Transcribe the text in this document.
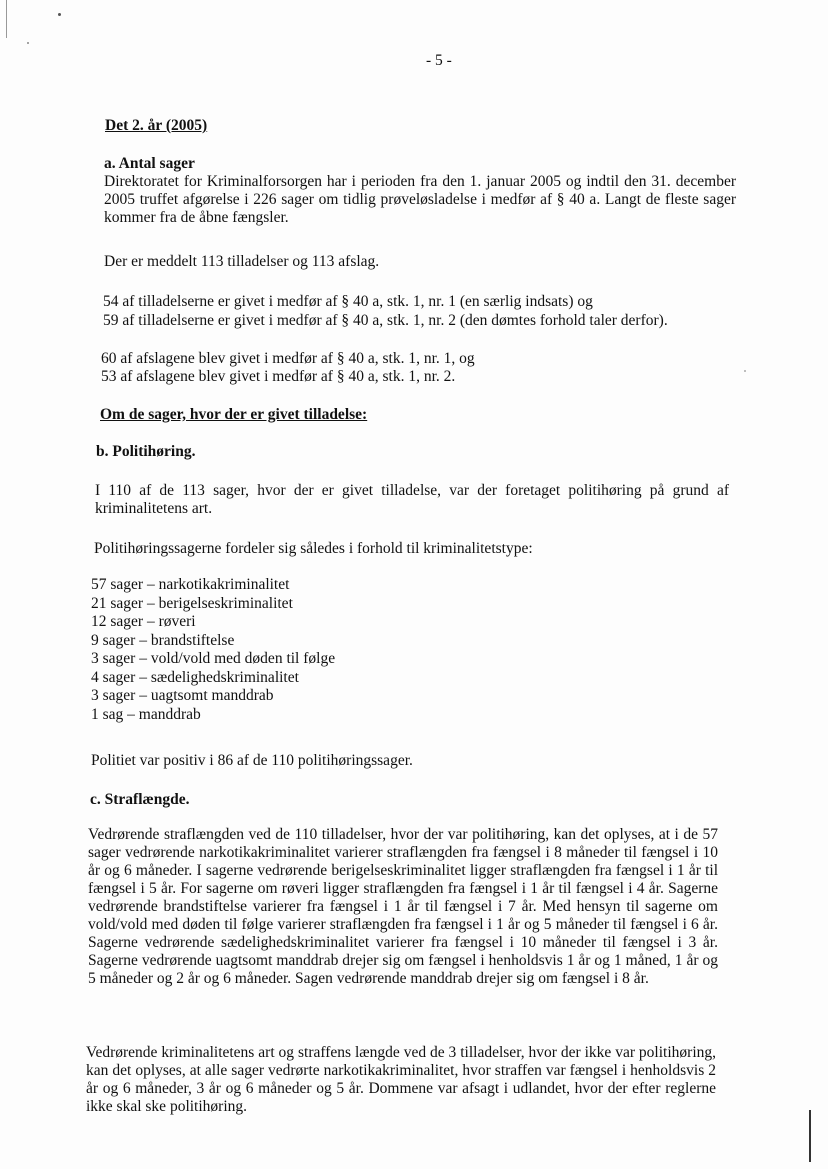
- 5 -
Det 2. år (2005)
a. Antal sager
Direktoratet for Kriminalforsorgen har i perioden fra den 1. januar 2005 og indtil den 31. december 2005 truffet afgørelse i 226 sager om tidlig prøveløsladelse i medfør af § 40 a. Langt de fleste sager kommer fra de åbne fængsler.
Der er meddelt 113 tilladelser og 113 afslag.
54 af tilladelserne er givet i medfør af § 40 a, stk. 1, nr. 1 (en særlig indsats) og
59 af tilladelserne er givet i medfør af § 40 a, stk. 1, nr. 2 (den dømtes forhold taler derfor).
60 af afslagene blev givet i medfør af § 40 a, stk. 1, nr. 1, og
53 af afslagene blev givet i medfør af § 40 a, stk. 1, nr. 2.
Om de sager, hvor der er givet tilladelse:
b. Politihøring.
I 110 af de 113 sager, hvor der er givet tilladelse, var der foretaget politihøring på grund af kriminalitetens art.
Politihøringssagerne fordeler sig således i forhold til kriminalitetstype:
57 sager – narkotikakriminalitet
21 sager – berigelseskriminalitet
12 sager – røveri
9 sager – brandstiftelse
3 sager – vold/vold med døden til følge
4 sager – sædelighedskriminalitet
3 sager – uagtsomt manddrab
1 sag – manddrab
Politiet var positiv i 86 af de 110 politihøringssager.
c. Straflængde.
Vedrørende straflængden ved de 110 tilladelser, hvor der var politihøring, kan det oplyses, at i de 57 sager vedrørende narkotikakriminalitet varierer straflængden fra fængsel i 8 måneder til fængsel i 10 år og 6 måneder. I sagerne vedrørende berigelseskriminalitet ligger straflængden fra fængsel i 1 år til fængsel i 5 år. For sagerne om røveri ligger straflængden fra fængsel i 1 år til fængsel i 4 år. Sagerne vedrørende brandstiftelse varierer fra fængsel i 1 år til fængsel i 7 år. Med hensyn til sagerne om vold/vold med døden til følge varierer straflængden fra fængsel i 1 år og 5 måneder til fængsel i 6 år. Sagerne vedrørende sædelighedskriminalitet varierer fra fængsel i 10 måneder til fængsel i 3 år. Sagerne vedrørende uagtsomt manddrab drejer sig om fængsel i henholdsvis 1 år og 1 måned, 1 år og 5 måneder og 2 år og 6 måneder. Sagen vedrørende manddrab drejer sig om fængsel i 8 år.
Vedrørende kriminalitetens art og straffens længde ved de 3 tilladelser, hvor der ikke var politihøring, kan det oplyses, at alle sager vedrørte narkotikakriminalitet, hvor straffen var fængsel i henholdsvis 2 år og 6 måneder, 3 år og 6 måneder og 5 år. Dommene var afsagt i udlandet, hvor der efter reglerne ikke skal ske politihøring.
